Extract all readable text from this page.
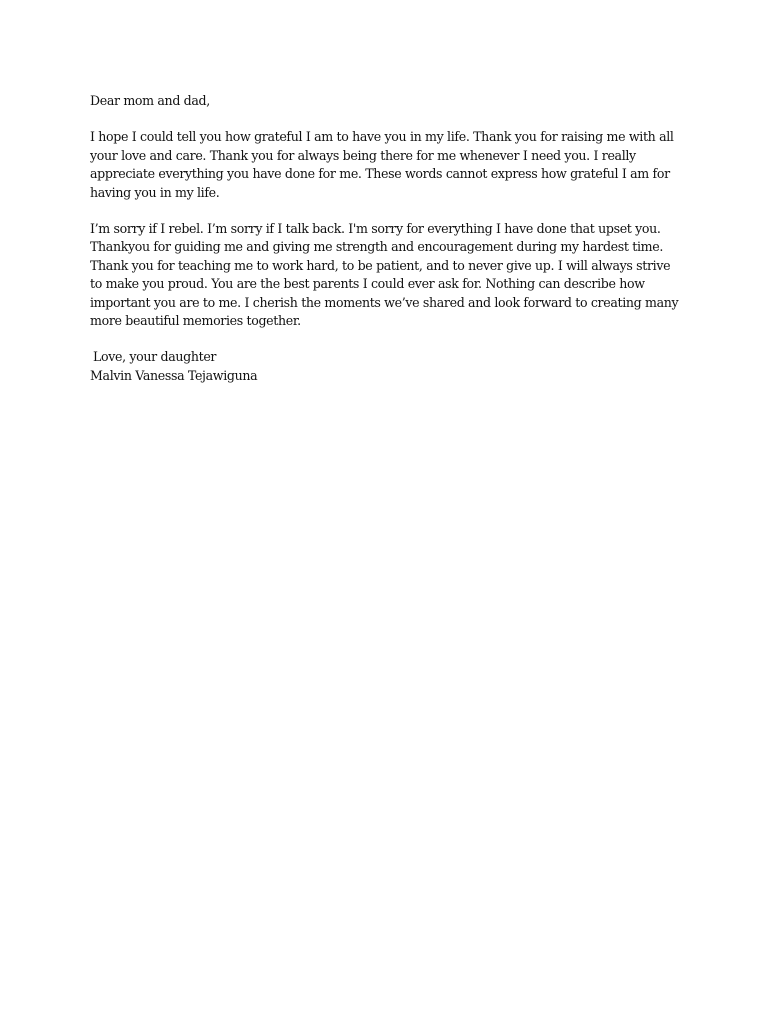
Dear mom and dad,
I hope I could tell you how grateful I am to have you in my life. Thank you for raising me with all
your love and care. Thank you for always being there for me whenever I need you. I really
appreciate everything you have done for me. These words cannot express how grateful I am for
having you in my life.
I’m sorry if I rebel. I’m sorry if I talk back. I'm sorry for everything I have done that upset you.
Thankyou for guiding me and giving me strength and encouragement during my hardest time.
Thank you for teaching me to work hard, to be patient, and to never give up. I will always strive
to make you proud. You are the best parents I could ever ask for. Nothing can describe how
important you are to me. I cherish the moments we’ve shared and look forward to creating many
more beautiful memories together.
Love, your daughter
Malvin Vanessa Tejawiguna
